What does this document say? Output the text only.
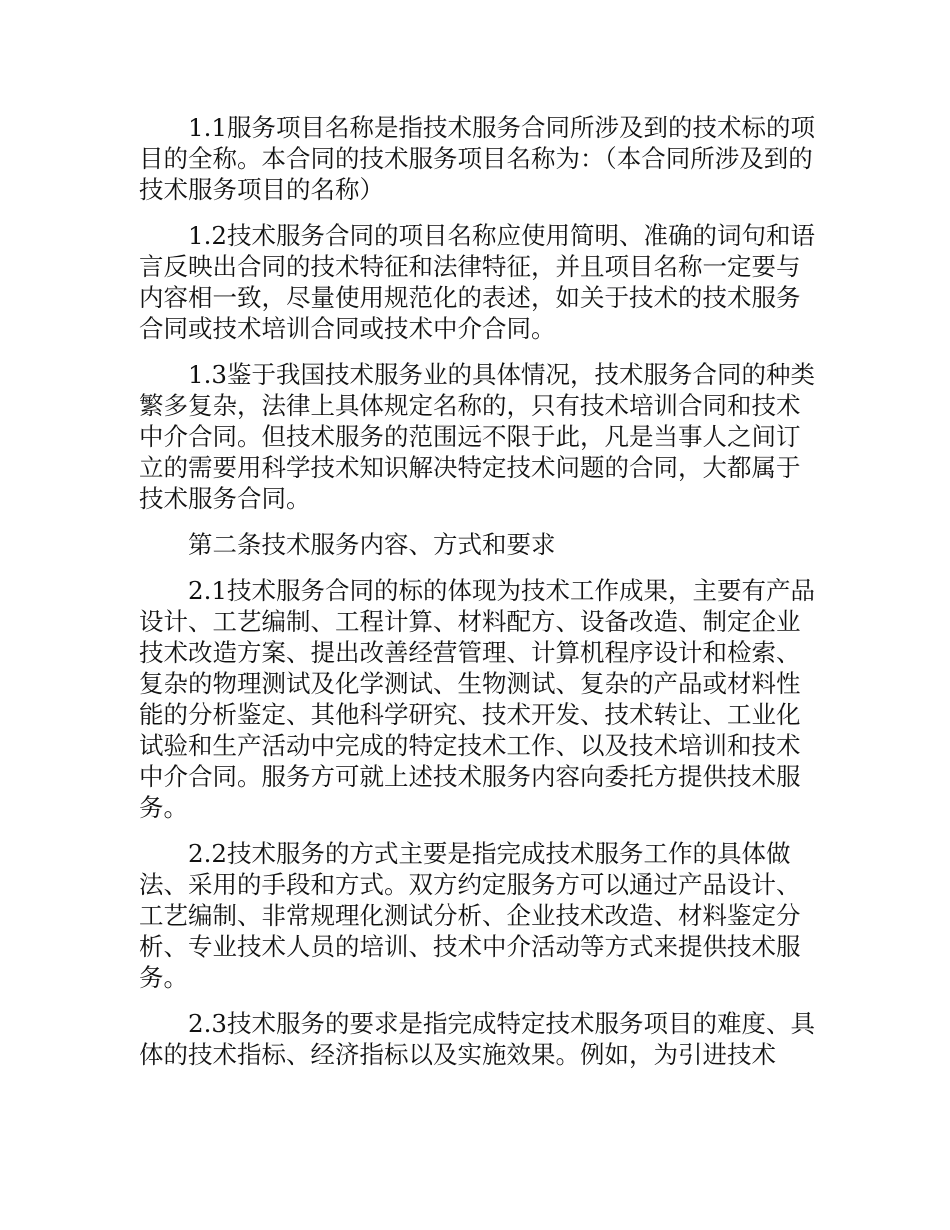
1.1服务项目名称是指技术服务合同所涉及到的技术标的项目的全称。本合同的技术服务项目名称为：（本合同所涉及到的技术服务项目的名称）

1.2技术服务合同的项目名称应使用简明、准确的词句和语言反映出合同的技术特征和法律特征，并且项目名称一定要与内容相一致，尽量使用规范化的表述，如关于技术的技术服务合同或技术培训合同或技术中介合同。

1.3鉴于我国技术服务业的具体情况，技术服务合同的种类繁多复杂，法律上具体规定名称的，只有技术培训合同和技术中介合同。但技术服务的范围远不限于此，凡是当事人之间订立的需要用科学技术知识解决特定技术问题的合同，大都属于技术服务合同。

第二条技术服务内容、方式和要求

2.1技术服务合同的标的体现为技术工作成果，主要有产品设计、工艺编制、工程计算、材料配方、设备改造、制定企业技术改造方案、提出改善经营管理、计算机程序设计和检索、复杂的物理测试及化学测试、生物测试、复杂的产品或材料性能的分析鉴定、其他科学研究、技术开发、技术转让、工业化试验和生产活动中完成的特定技术工作、以及技术培训和技术中介合同。服务方可就上述技术服务内容向委托方提供技术服务。

2.2技术服务的方式主要是指完成技术服务工作的具体做法、采用的手段和方式。双方约定服务方可以通过产品设计、工艺编制、非常规理化测试分析、企业技术改造、材料鉴定分析、专业技术人员的培训、技术中介活动等方式来提供技术服务。

2.3技术服务的要求是指完成特定技术服务项目的难度、具体的技术指标、经济指标以及实施效果。例如，为引进技术
